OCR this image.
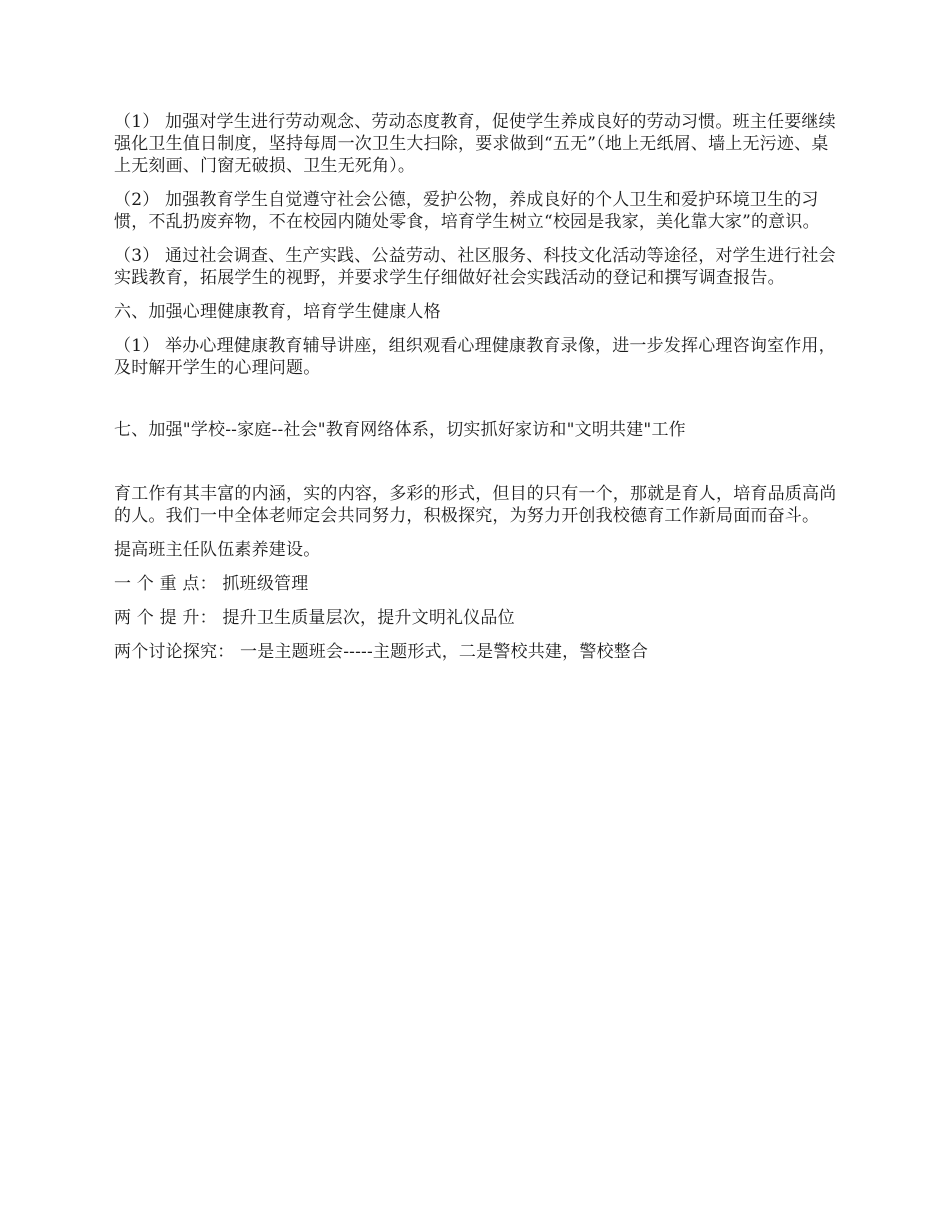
（1） 加强对学生进行劳动观念、劳动态度教育，促使学生养成良好的劳动习惯。班主任要继续强化卫生值日制度，坚持每周一次卫生大扫除，要求做到“五无”（地上无纸屑、墙上无污迹、桌上无刻画、门窗无破损、卫生无死角）。

（2） 加强教育学生自觉遵守社会公德，爱护公物，养成良好的个人卫生和爱护环境卫生的习惯，不乱扔废弃物，不在校园内随处零食，培育学生树立“校园是我家，美化靠大家”的意识。

（3） 通过社会调查、生产实践、公益劳动、社区服务、科技文化活动等途径，对学生进行社会实践教育，拓展学生的视野，并要求学生仔细做好社会实践活动的登记和撰写调查报告。

六、加强心理健康教育，培育学生健康人格

（1） 举办心理健康教育辅导讲座，组织观看心理健康教育录像，进一步发挥心理咨询室作用，及时解开学生的心理问题。

七、加强"学校--家庭--社会"教育网络体系，切实抓好家访和"文明共建"工作

育工作有其丰富的内涵，实的内容，多彩的形式，但目的只有一个，那就是育人，培育品质高尚的人。我们一中全体老师定会共同努力，积极探究，为努力开创我校德育工作新局面而奋斗。

提高班主任队伍素养建设。

一 个 重 点： 抓班级管理

两 个 提 升： 提升卫生质量层次，提升文明礼仪品位

两个讨论探究： 一是主题班会-----主题形式，二是警校共建，警校整合
